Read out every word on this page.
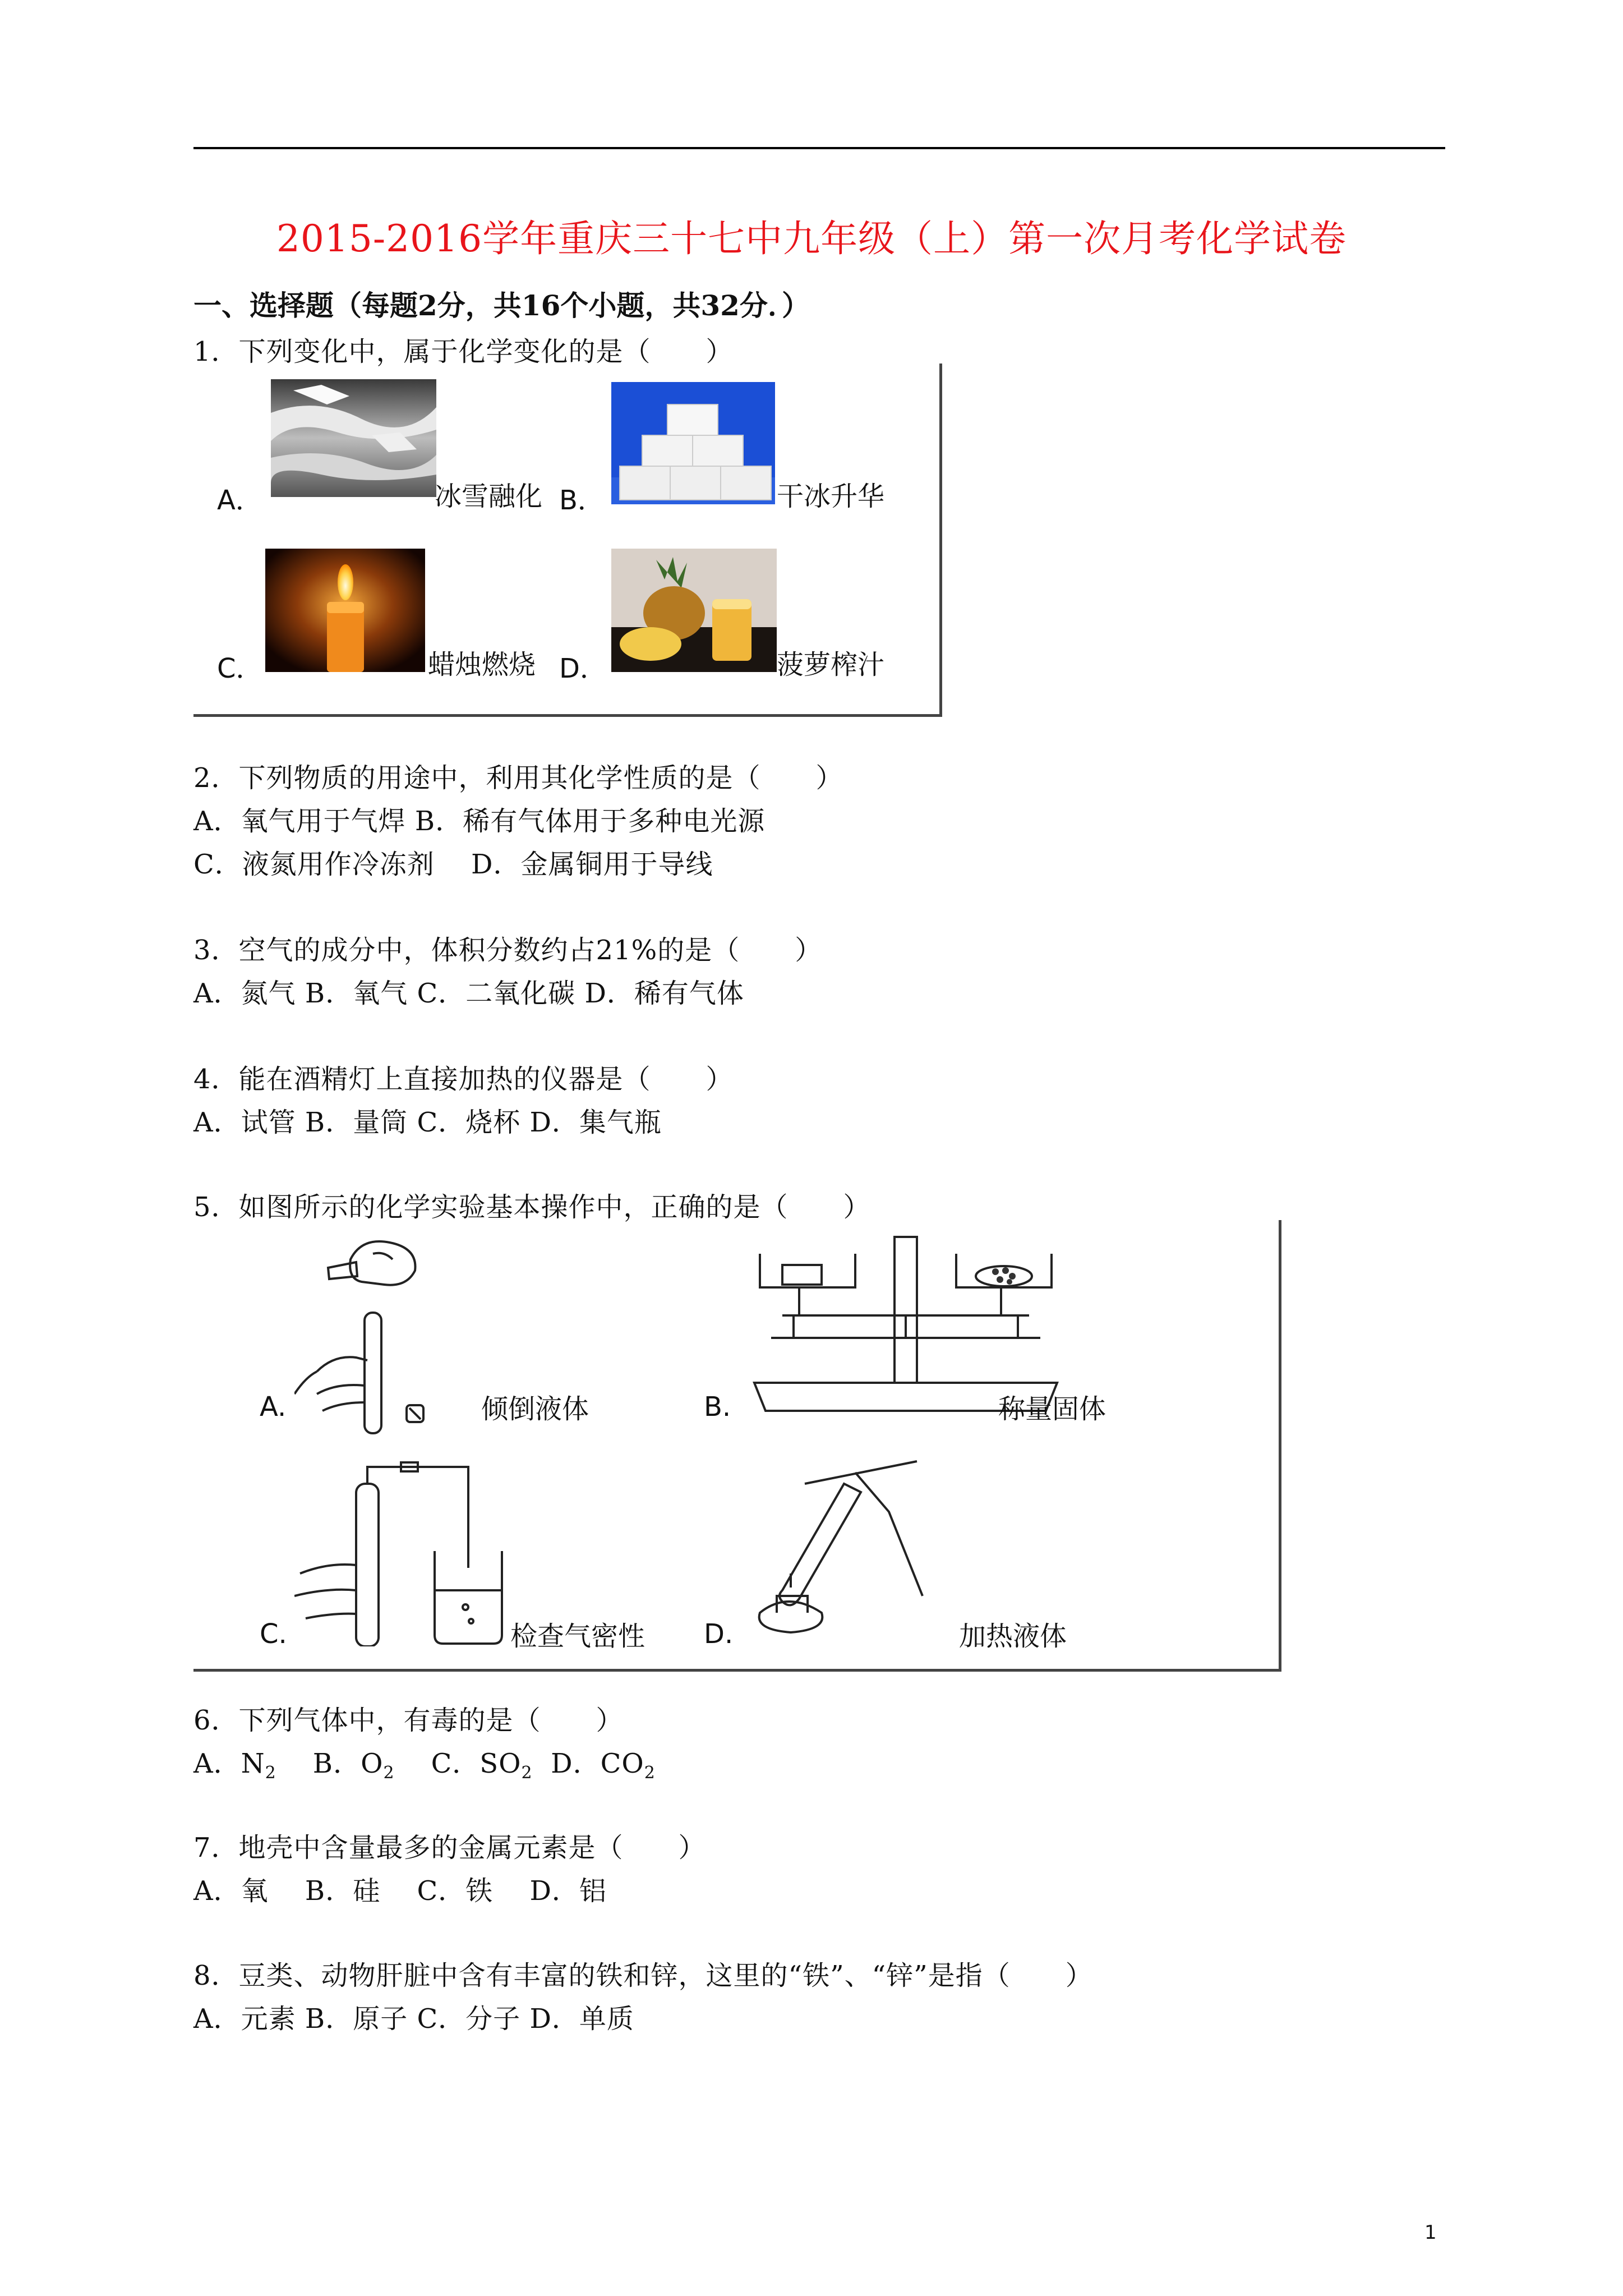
2015-2016学年重庆三十七中九年级（上）第一次月考化学试卷
一、选择题（每题2分，共16个小题，共32分．）
1．下列变化中，属于化学变化的是（　　）
A．	冰雪融化 B．	干冰升华
C．	蜡烛燃烧 D．	菠萝榨汁
2．下列物质的用途中，利用其化学性质的是（　　）
A．氧气用于气焊 B．稀有气体用于多种电光源
C．液氮用作冷冻剂　 D．金属铜用于导线
3．空气的成分中，体积分数约占21%的是（　　）
A．氮气 B．氧气 C．二氧化碳 D．稀有气体
4．能在酒精灯上直接加热的仪器是（　　）
A．试管 B．量筒 C．烧杯 D．集气瓶
5．如图所示的化学实验基本操作中，正确的是（　　）
A.	倾倒液体	B.	称量固体
C.	检查气密性 D.	加热液体
6．下列气体中，有毒的是（　　）
A．$N_2$ B．$O_2$ C．$SO_2$ D．$CO_2$
7．地壳中含量最多的金属元素是（　　）
A．氧　 B．硅　 C．铁　 D．铝
8．豆类、动物肝脏中含有丰富的铁和锌，这里的“铁”、“锌”是指（　　）
A．元素 B．原子 C．分子 D．单质
1
